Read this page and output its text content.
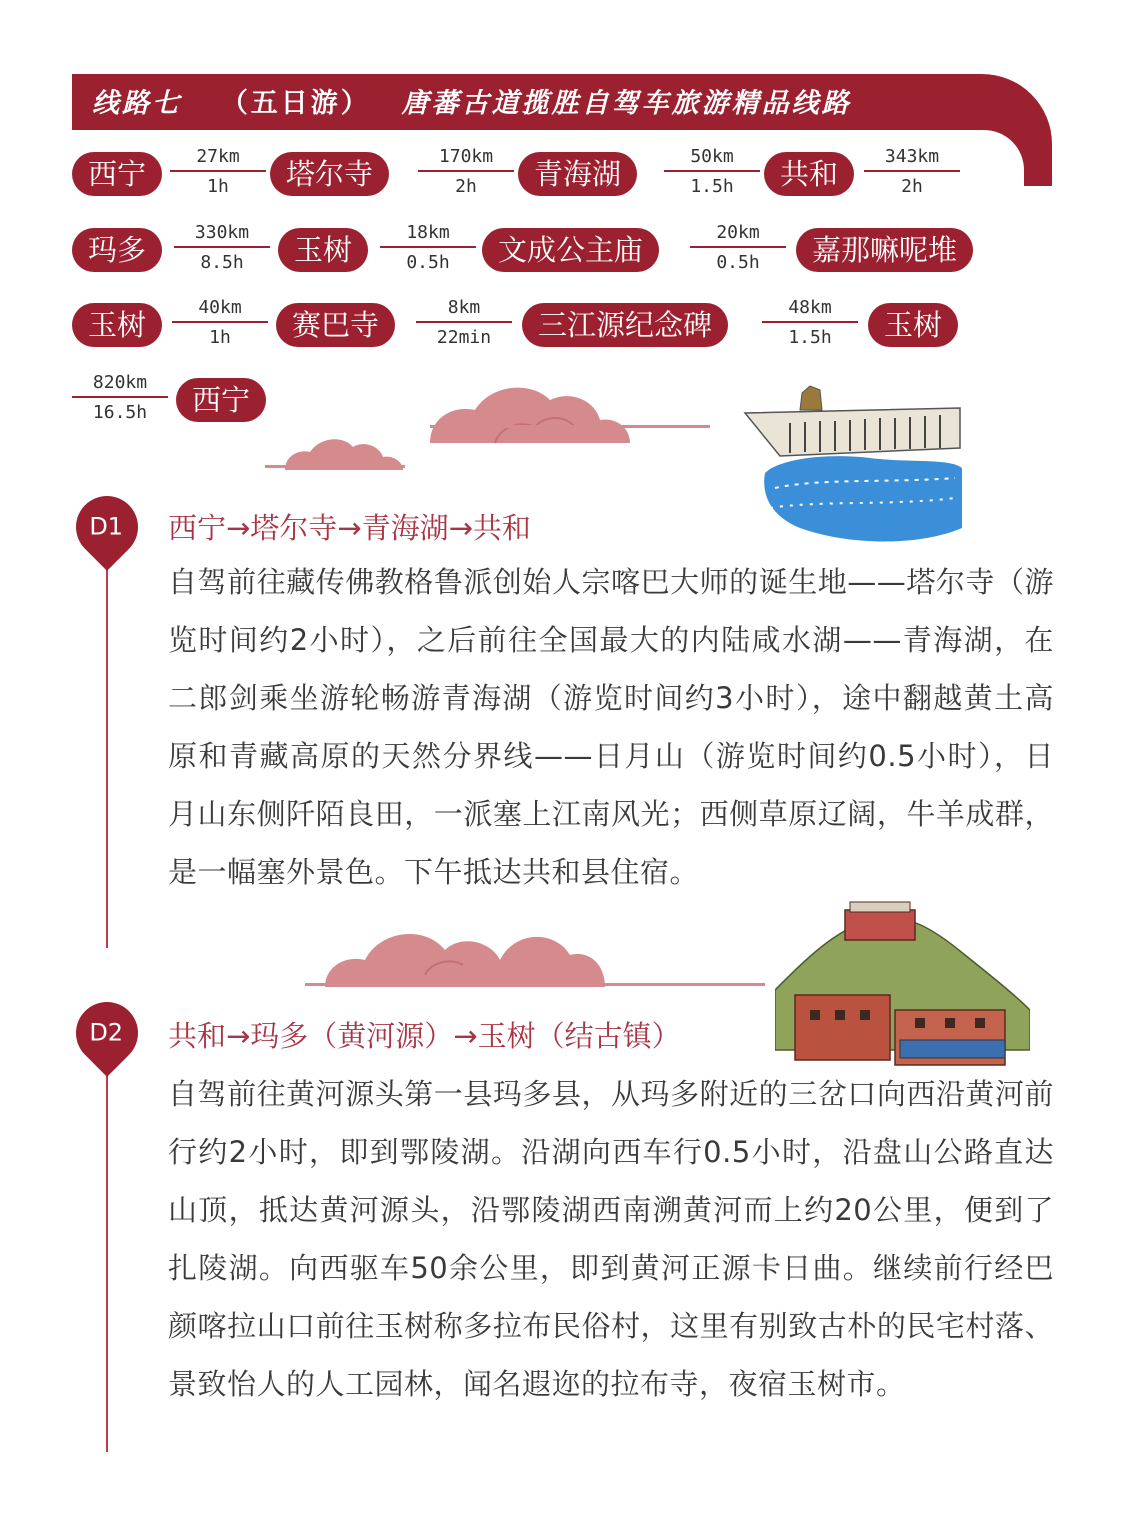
线路七 （五日游） 唐蕃古道揽胜自驾车旅游精品线路
西宁
27km
1h	塔尔寺
170km
2h	青海湖
50km
1.5h	共和
343km
2h
玛多
330km
8.5h	玉树
18km
0.5h	文成公主庙
20km
0.5h	嘉那嘛呢堆
玉树
40km
1h	赛巴寺
8km
22min	三江源纪念碑
48km
1.5h	玉树
820km
16.5h	西宁
D1	西宁→塔尔寺→青海湖→共和
自驾前往藏传佛教格鲁派创始人宗喀巴大师的诞生地——塔尔寺（游览时间约2小时），之后前往全国最大的内陆咸水湖——青海湖，在二郎剑乘坐游轮畅游青海湖（游览时间约3小时），途中翻越黄土高原和青藏高原的天然分界线——日月山（游览时间约0.5小时），日月山东侧阡陌良田，一派塞上江南风光；西侧草原辽阔，牛羊成群，是一幅塞外景色。下午抵达共和县住宿。
D2	共和→玛多（黄河源）→玉树（结古镇）
自驾前往黄河源头第一县玛多县，从玛多附近的三岔口向西沿黄河前行约2小时，即到鄂陵湖。沿湖向西车行0.5小时，沿盘山公路直达山顶，抵达黄河源头，沿鄂陵湖西南溯黄河而上约20公里，便到了扎陵湖。向西驱车50余公里，即到黄河正源卡日曲。继续前行经巴颜喀拉山口前往玉树称多拉布民俗村，这里有别致古朴的民宅村落、景致怡人的人工园林，闻名遐迩的拉布寺，夜宿玉树市。
